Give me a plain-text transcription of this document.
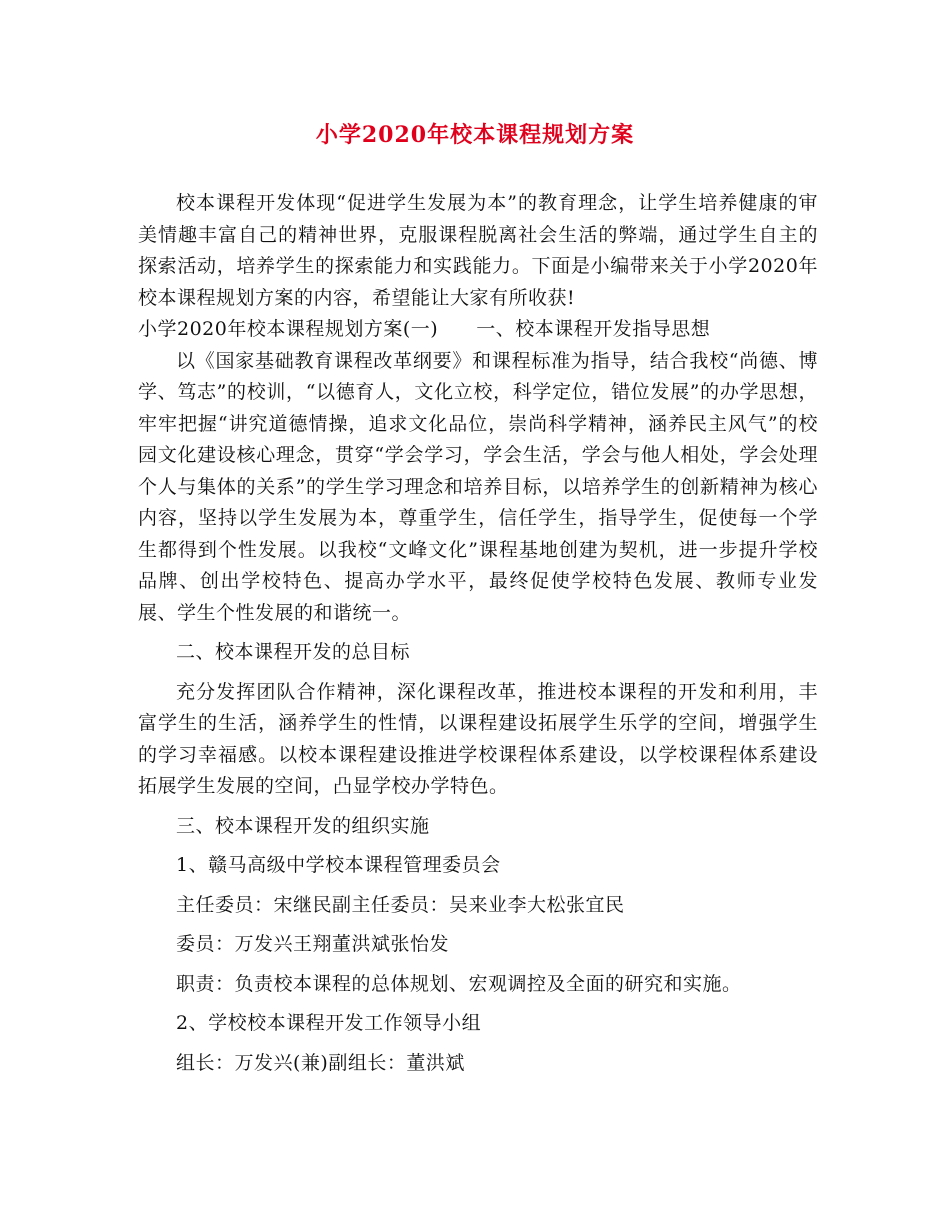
小学2020年校本课程规划方案

校本课程开发体现“促进学生发展为本”的教育理念，让学生培养健康的审美情趣丰富自己的精神世界，克服课程脱离社会生活的弊端，通过学生自主的探索活动，培养学生的探索能力和实践能力。下面是小编带来关于小学2020年校本课程规划方案的内容，希望能让大家有所收获!

小学2020年校本课程规划方案(一) 一、校本课程开发指导思想

以《国家基础教育课程改革纲要》和课程标准为指导，结合我校“尚德、博学、笃志”的校训，“以德育人，文化立校，科学定位，错位发展”的办学思想，牢牢把握“讲究道德情操，追求文化品位，崇尚科学精神，涵养民主风气”的校园文化建设核心理念，贯穿“学会学习，学会生活，学会与他人相处，学会处理个人与集体的关系”的学生学习理念和培养目标，以培养学生的创新精神为核心内容，坚持以学生发展为本，尊重学生，信任学生，指导学生，促使每一个学生都得到个性发展。以我校“文峰文化”课程基地创建为契机，进一步提升学校品牌、创出学校特色、提高办学水平，最终促使学校特色发展、教师专业发展、学生个性发展的和谐统一。

二、校本课程开发的总目标

充分发挥团队合作精神，深化课程改革，推进校本课程的开发和利用，丰富学生的生活，涵养学生的性情，以课程建设拓展学生乐学的空间，增强学生的学习幸福感。以校本课程建设推进学校课程体系建设，以学校课程体系建设拓展学生发展的空间，凸显学校办学特色。

三、校本课程开发的组织实施

1、赣马高级中学校本课程管理委员会

主任委员：宋继民副主任委员：吴来业李大松张宜民

委员：万发兴王翔董洪斌张怡发

职责：负责校本课程的总体规划、宏观调控及全面的研究和实施。

2、学校校本课程开发工作领导小组

组长：万发兴(兼)副组长：董洪斌
